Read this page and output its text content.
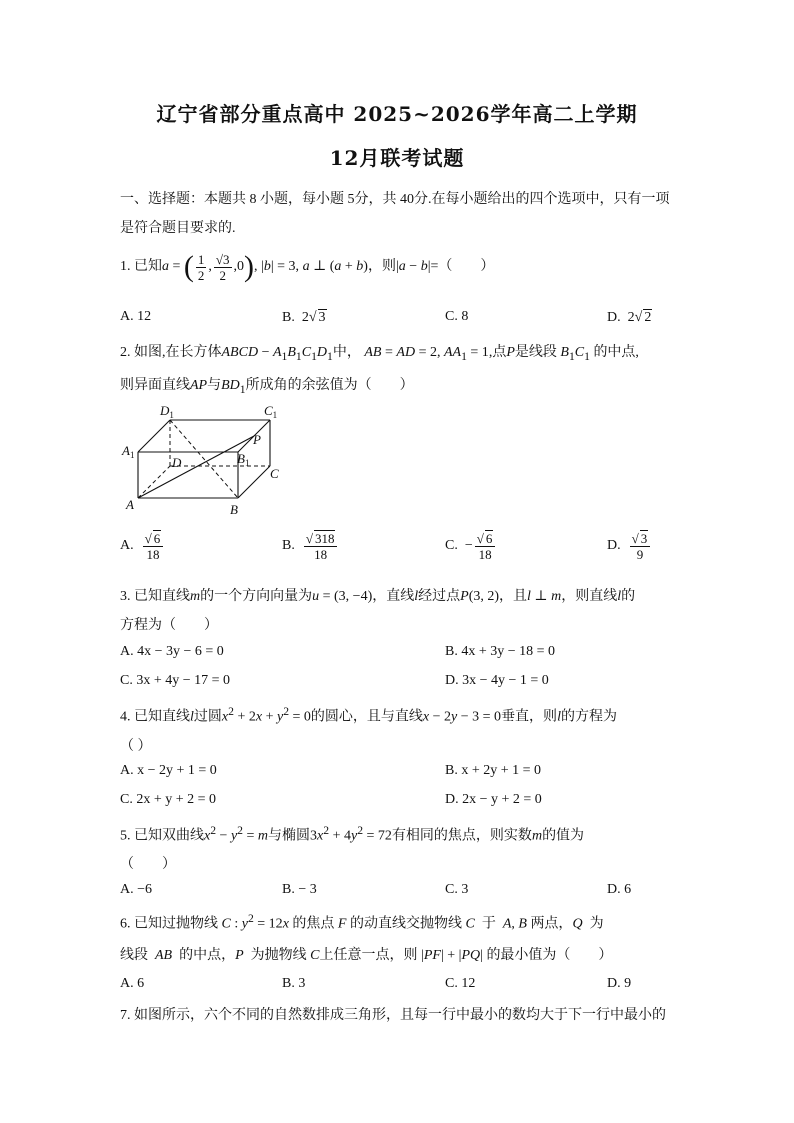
辽宁省部分重点高中 2025~2026学年高二上学期
12月联考试题
一、选择题：本题共 8 小题，每小题 5分，共 40分.在每小题给出的四个选项中，只有一项
是符合题目要求的.
1. 已知a = ( $\frac{1}{2}$ , $\frac{√3}{2} ,0$), |b| = 3, a ⊥ (a + b)，则|a − b|=（　　）
A. 12	B. 2√ 3	C. 8	D. 2√ 2
2. 如图,在长方体ABCD − $A_1B_1C_1D_1$中， AB = AD = 2, $AA_1 = 1$,点P是线段 $B_1C_1$ 的中点,
则异面直线AP与$BD_1$所成角的余弦值为（　　）
$D_1$	$C_1$
$A_1$
P
D	$B_1$
C
A	B
A. $\frac{√ 6}{18}$	B. $\frac{√ 318}{18}$	C.  − $\frac{√ 6}{18}$	D. $\frac{√ 3}{9}$
3. 已知直线m的一个方向向量为u = (3, −4)，直线l经过点P(3, 2)，且l ⊥ m，则直线l的
方程为（　　）
A. 4x − 3y − 6 = 0	B. 4x + 3y − 18 = 0
C. 3x + 4y − 17 = 0	D. 3x − 4y − 1 = 0
4. 已知直线l过圆$x^2 + 2x + y^2 = 0$的圆心，且与直线x − 2y − 3 = 0垂直，则l的方程为
（ ）
A. x − 2y + 1 = 0	B. x + 2y + 1 = 0
C. 2x + y + 2 = 0	D. 2x − y + 2 = 0
5. 已知双曲线$x^2 - y^2 = m$与椭圆$3x^2 + 4y^2 = 72$有相同的焦点，则实数m的值为
（　　）
A. −6	B. − 3	C. 3	D. 6
6. 已知过抛物线 C : $y^2 = 12x$ 的焦点 F 的动直线交抛物线 C 于 A, B 两点，Q 为
线段 AB 的中点，P 为抛物线 C上任意一点，则 |PF| + |PQ| 的最小值为（　　）
A. 6	B. 3	C. 12	D. 9
7. 如图所示，六个不同的自然数排成三角形，且每一行中最小的数均大于下一行中最小的
